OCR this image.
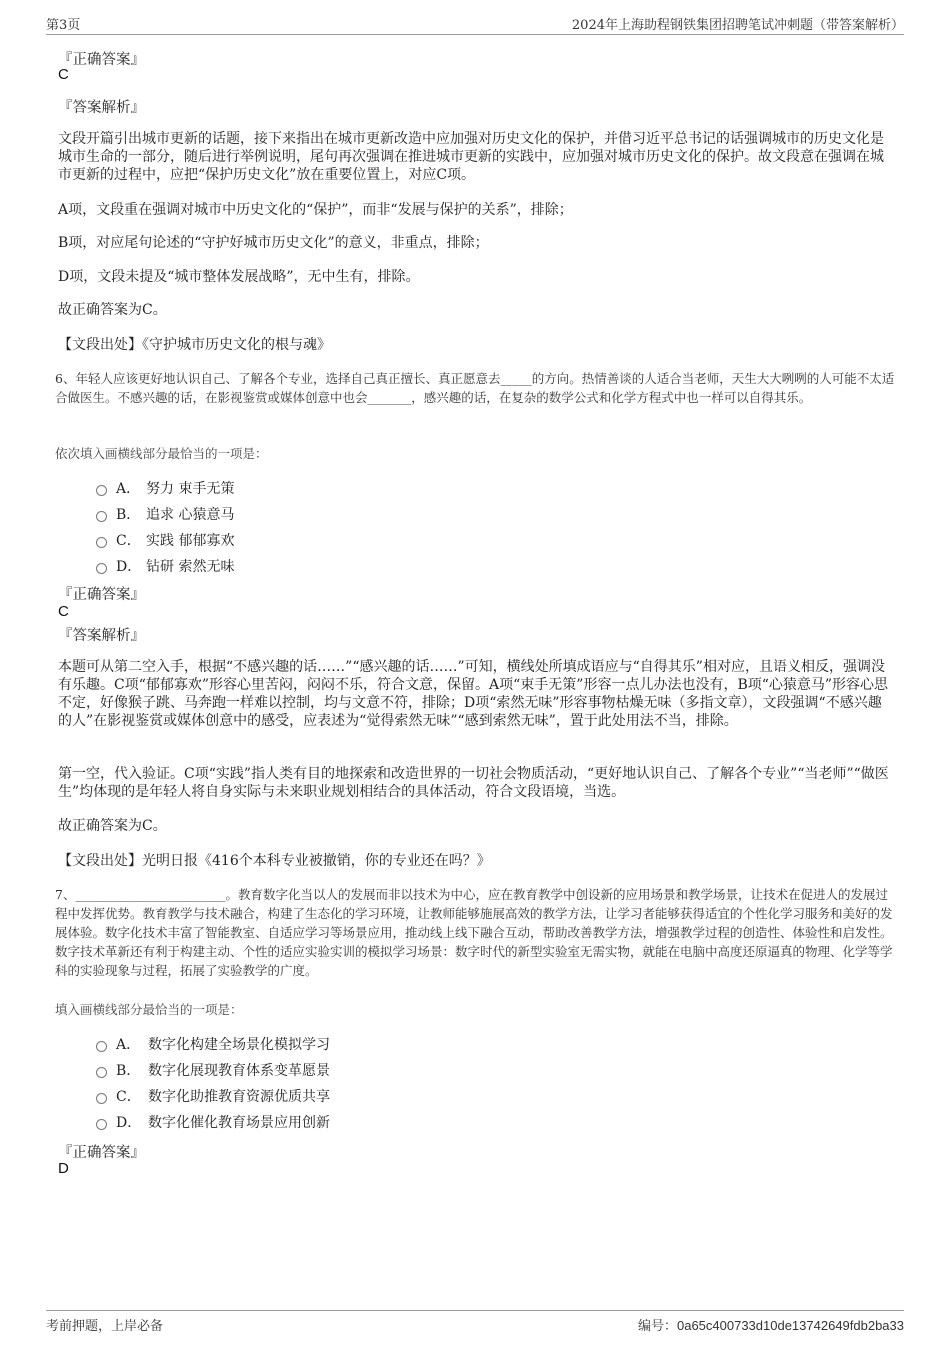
第3页	2024年上海助程钢铁集团招聘笔试冲刺题（带答案解析）
『正确答案』
C
『答案解析』
文段开篇引出城市更新的话题，接下来指出在城市更新改造中应加强对历史文化的保护，并借习近平总书记的话强调城市的历史文化是城市生命的一部分，随后进行举例说明，尾句再次强调在推进城市更新的实践中，应加强对城市历史文化的保护。故文段意在强调在城市更新的过程中，应把“保护历史文化”放在重要位置上，对应C项。
A项，文段重在强调对城市中历史文化的“保护”，而非“发展与保护的关系”，排除；
B项，对应尾句论述的“守护好城市历史文化”的意义，非重点，排除；
D项，文段未提及“城市整体发展战略”，无中生有，排除。
故正确答案为C。
【文段出处】《守护城市历史文化的根与魂》
6、年轻人应该更好地认识自己、了解各个专业，选择自己真正擅长、真正愿意去_____的方向。热情善谈的人适合当老师，天生大大咧咧的人可能不太适合做医生。不感兴趣的话，在影视鉴赏或媒体创意中也会_______，感兴趣的话，在复杂的数学公式和化学方程式中也一样可以自得其乐。
依次填入画横线部分最恰当的一项是：
A． 努力 束手无策
B． 追求 心猿意马
C． 实践 郁郁寡欢
D． 钻研 索然无味
『正确答案』
C
『答案解析』
本题可从第二空入手，根据“不感兴趣的话……”“感兴趣的话……”可知，横线处所填成语应与“自得其乐”相对应，且语义相反，强调没有乐趣。C项“郁郁寡欢”形容心里苦闷，闷闷不乐，符合文意，保留。A项“束手无策”形容一点儿办法也没有，B项“心猿意马”形容心思不定，好像猴子跳、马奔跑一样难以控制，均与文意不符，排除；D项“索然无味”形容事物枯燥无味（多指文章），文段强调“不感兴趣的人”在影视鉴赏或媒体创意中的感受，应表述为“觉得索然无味”“感到索然无味”，置于此处用法不当，排除。
第一空，代入验证。C项“实践”指人类有目的地探索和改造世界的一切社会物质活动，“更好地认识自己、了解各个专业”“当老师”“做医生”均体现的是年轻人将自身实际与未来职业规划相结合的具体活动，符合文段语境，当选。
故正确答案为C。
【文段出处】光明日报《416个本科专业被撤销，你的专业还在吗？》
7、________________________。教育数字化当以人的发展而非以技术为中心，应在教育教学中创设新的应用场景和教学场景，让技术在促进人的发展过程中发挥优势。教育教学与技术融合，构建了生态化的学习环境，让教师能够施展高效的教学方法，让学习者能够获得适宜的个性化学习服务和美好的发展体验。数字化技术丰富了智能教室、自适应学习等场景应用，推动线上线下融合互动，帮助改善教学方法，增强教学过程的创造性、体验性和启发性。数字技术革新还有利于构建主动、个性的适应实验实训的模拟学习场景：数字时代的新型实验室无需实物，就能在电脑中高度还原逼真的物理、化学等学科的实验现象与过程，拓展了实验教学的广度。
填入画横线部分最恰当的一项是：
A． 数字化构建全场景化模拟学习
B． 数字化展现教育体系变革愿景
C． 数字化助推教育资源优质共享
D． 数字化催化教育场景应用创新
『正确答案』
D
考前押题，上岸必备	编号：0a65c400733d10de13742649fdb2ba33
